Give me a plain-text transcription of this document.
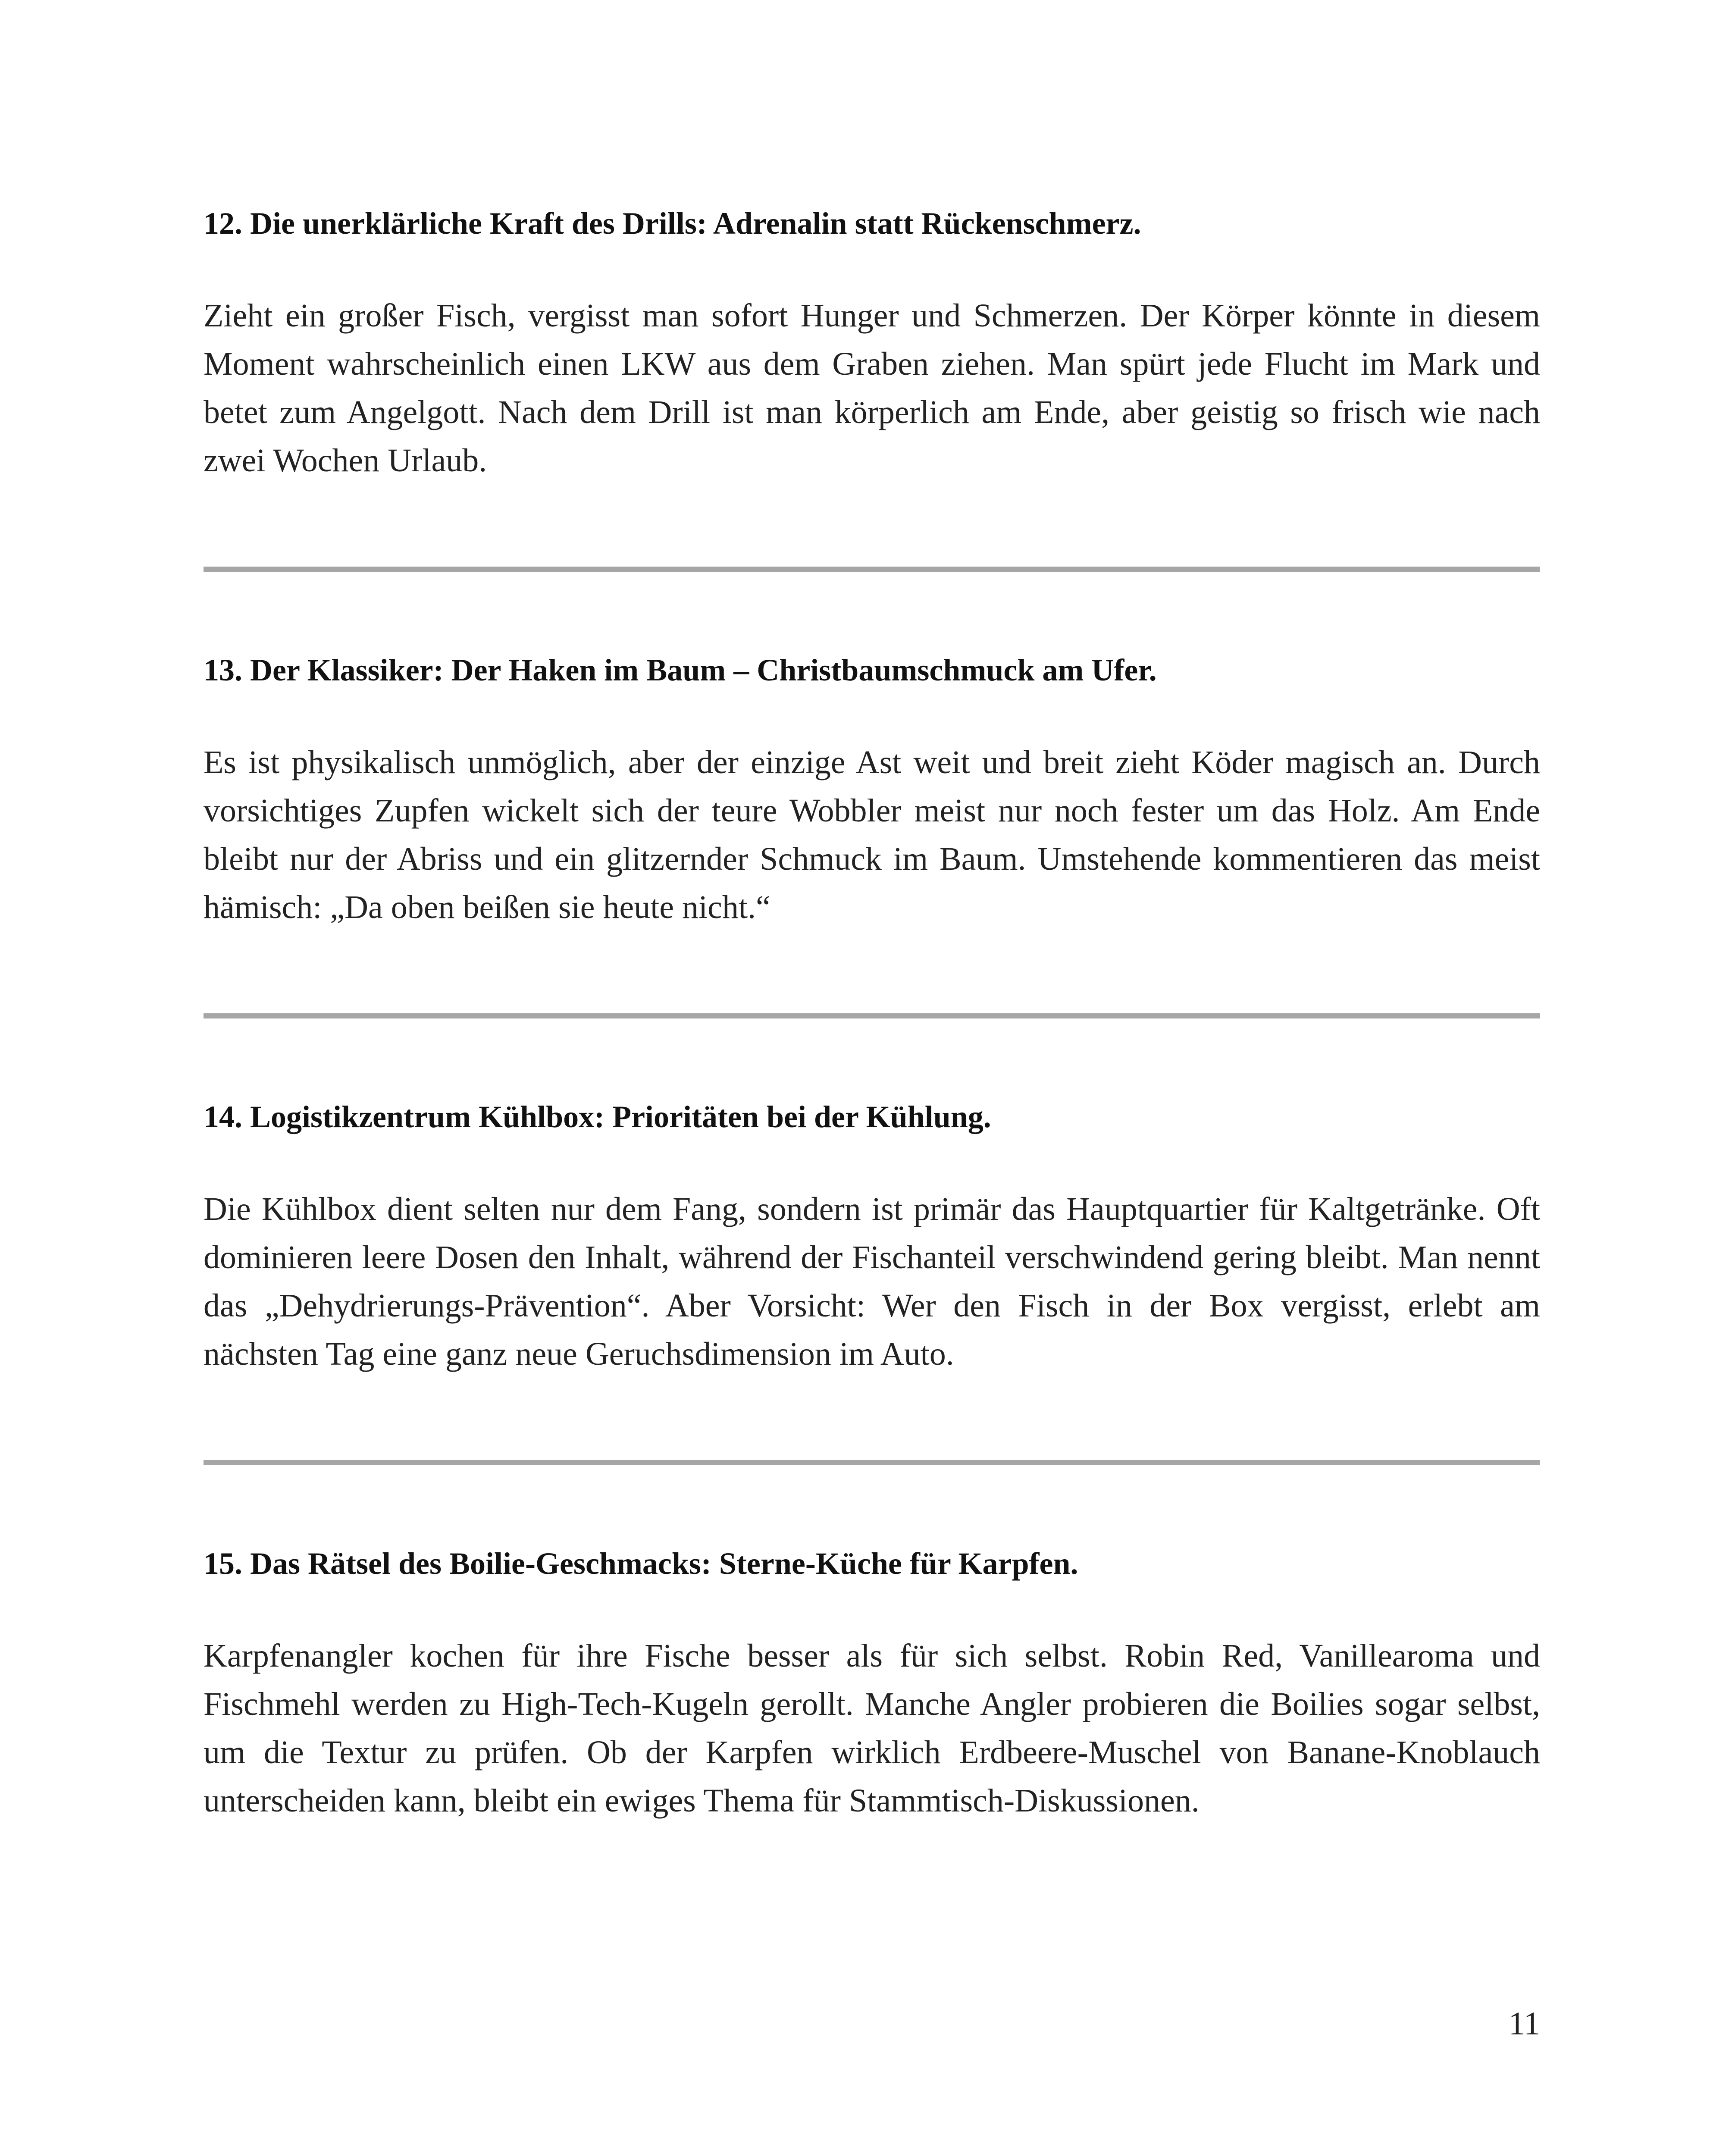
12. Die unerklärliche Kraft des Drills: Adrenalin statt Rückenschmerz.

Zieht ein großer Fisch, vergisst man sofort Hunger und Schmerzen. Der Körper könnte in diesem Moment wahrscheinlich einen LKW aus dem Graben ziehen. Man spürt jede Flucht im Mark und betet zum Angelgott. Nach dem Drill ist man körperlich am Ende, aber geistig so frisch wie nach zwei Wochen Urlaub.

13. Der Klassiker: Der Haken im Baum – Christbaumschmuck am Ufer.

Es ist physikalisch unmöglich, aber der einzige Ast weit und breit zieht Köder magisch an. Durch vorsichtiges Zupfen wickelt sich der teure Wobbler meist nur noch fester um das Holz. Am Ende bleibt nur der Abriss und ein glitzernder Schmuck im Baum. Umstehende kommentieren das meist hämisch: „Da oben beißen sie heute nicht.“

14. Logistikzentrum Kühlbox: Prioritäten bei der Kühlung.

Die Kühlbox dient selten nur dem Fang, sondern ist primär das Hauptquartier für Kaltgetränke. Oft dominieren leere Dosen den Inhalt, während der Fischanteil verschwindend gering bleibt. Man nennt das „Dehydrierungs-Prävention“. Aber Vorsicht: Wer den Fisch in der Box vergisst, erlebt am nächsten Tag eine ganz neue Geruchsdimension im Auto.

15. Das Rätsel des Boilie-Geschmacks: Sterne-Küche für Karpfen.

Karpfenangler kochen für ihre Fische besser als für sich selbst. Robin Red, Vanillearoma und Fischmehl werden zu High-Tech-Kugeln gerollt. Manche Angler probieren die Boilies sogar selbst, um die Textur zu prüfen. Ob der Karpfen wirklich Erdbeere-Muschel von Banane-Knoblauch unterscheiden kann, bleibt ein ewiges Thema für Stammtisch-Diskussionen.

11
